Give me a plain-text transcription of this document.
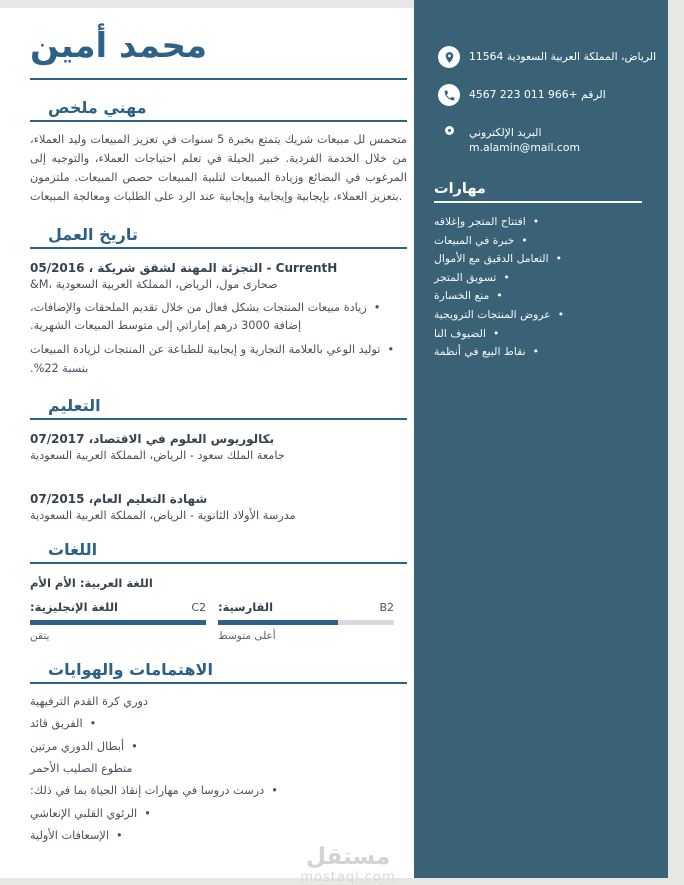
محمد أمين
مهني ملخص

متحمس لل مبيعات شريك يتمتع بخبرة 5 سنوات في تعزيز المبيعات وليد العملاء، من خلال الخدمة الفردية. خبير الحيلة في تعلم احتياجات العملاء، والتوجيه إلى المرغوب في البضائع وزيادة المبيعات لتلبية المبيعات حصص المبيعات. ملتزمون بتعزيز العملاء، بإيجابية وإيجابية وإيجابية عند الرد على الطلبات ومعالجة المبيعات.

تاريخ العمل
05/2016 ، التجزئة المهنة لشقق شريكة - CurrentH
&M، صحارى مول، الرياض، المملكة العربية السعودية
• زيادة مبيعات المنتجات بشكل فعال من خلال تقديم الملحقات والإضافات، إضافة 3000 درهم إماراتي إلى متوسط المبيعات الشهرية.
• توليد الوعي بالعلامة التجارية و إيجابية للطباعة عن المنتجات لزيادة المبيعات بنسبة 22%.
التعليم
بكالوريوس العلوم في الاقتصاد، 07/2017
جامعة الملك سعود - الرياض، المملكة العربية السعودية
شهادة التعليم العام، 07/2015
مدرسة الأولاد الثانوية - الرياض، المملكة العربية السعودية
اللغات
اللغة العربية: الأم الأم
اللغة الإنجليزية:	C2
يتقن
الفارسية:	B2
أعلى متوسط
الاهتمامات والهوايات
دوري كرة القدم الترفيهية
• الفريق قائد
• أبطال الدوري مرتين
متطوع الصليب الأحمر
• درست دروسا في مهارات إنقاذ الحياة بما في ذلك:
• الرئوي القلبي الإنعاشي
• الإسعافات الأولية
الرياض، المملكة العربية السعودية 11564
الرقم +966 011 223 4567
البريد الإلكتروني
m.alamin@mail.com
مهارات
• افتتاح المتجر وإغلاقه
• خبرة في المبيعات
• التعامل الدقيق مع الأموال
• تسويق المتجر
• منع الخسارة
• عروض المنتجات الترويجية
• الضيوف النا
• نقاط البيع في أنظمة
مستقل
mostaql.com
